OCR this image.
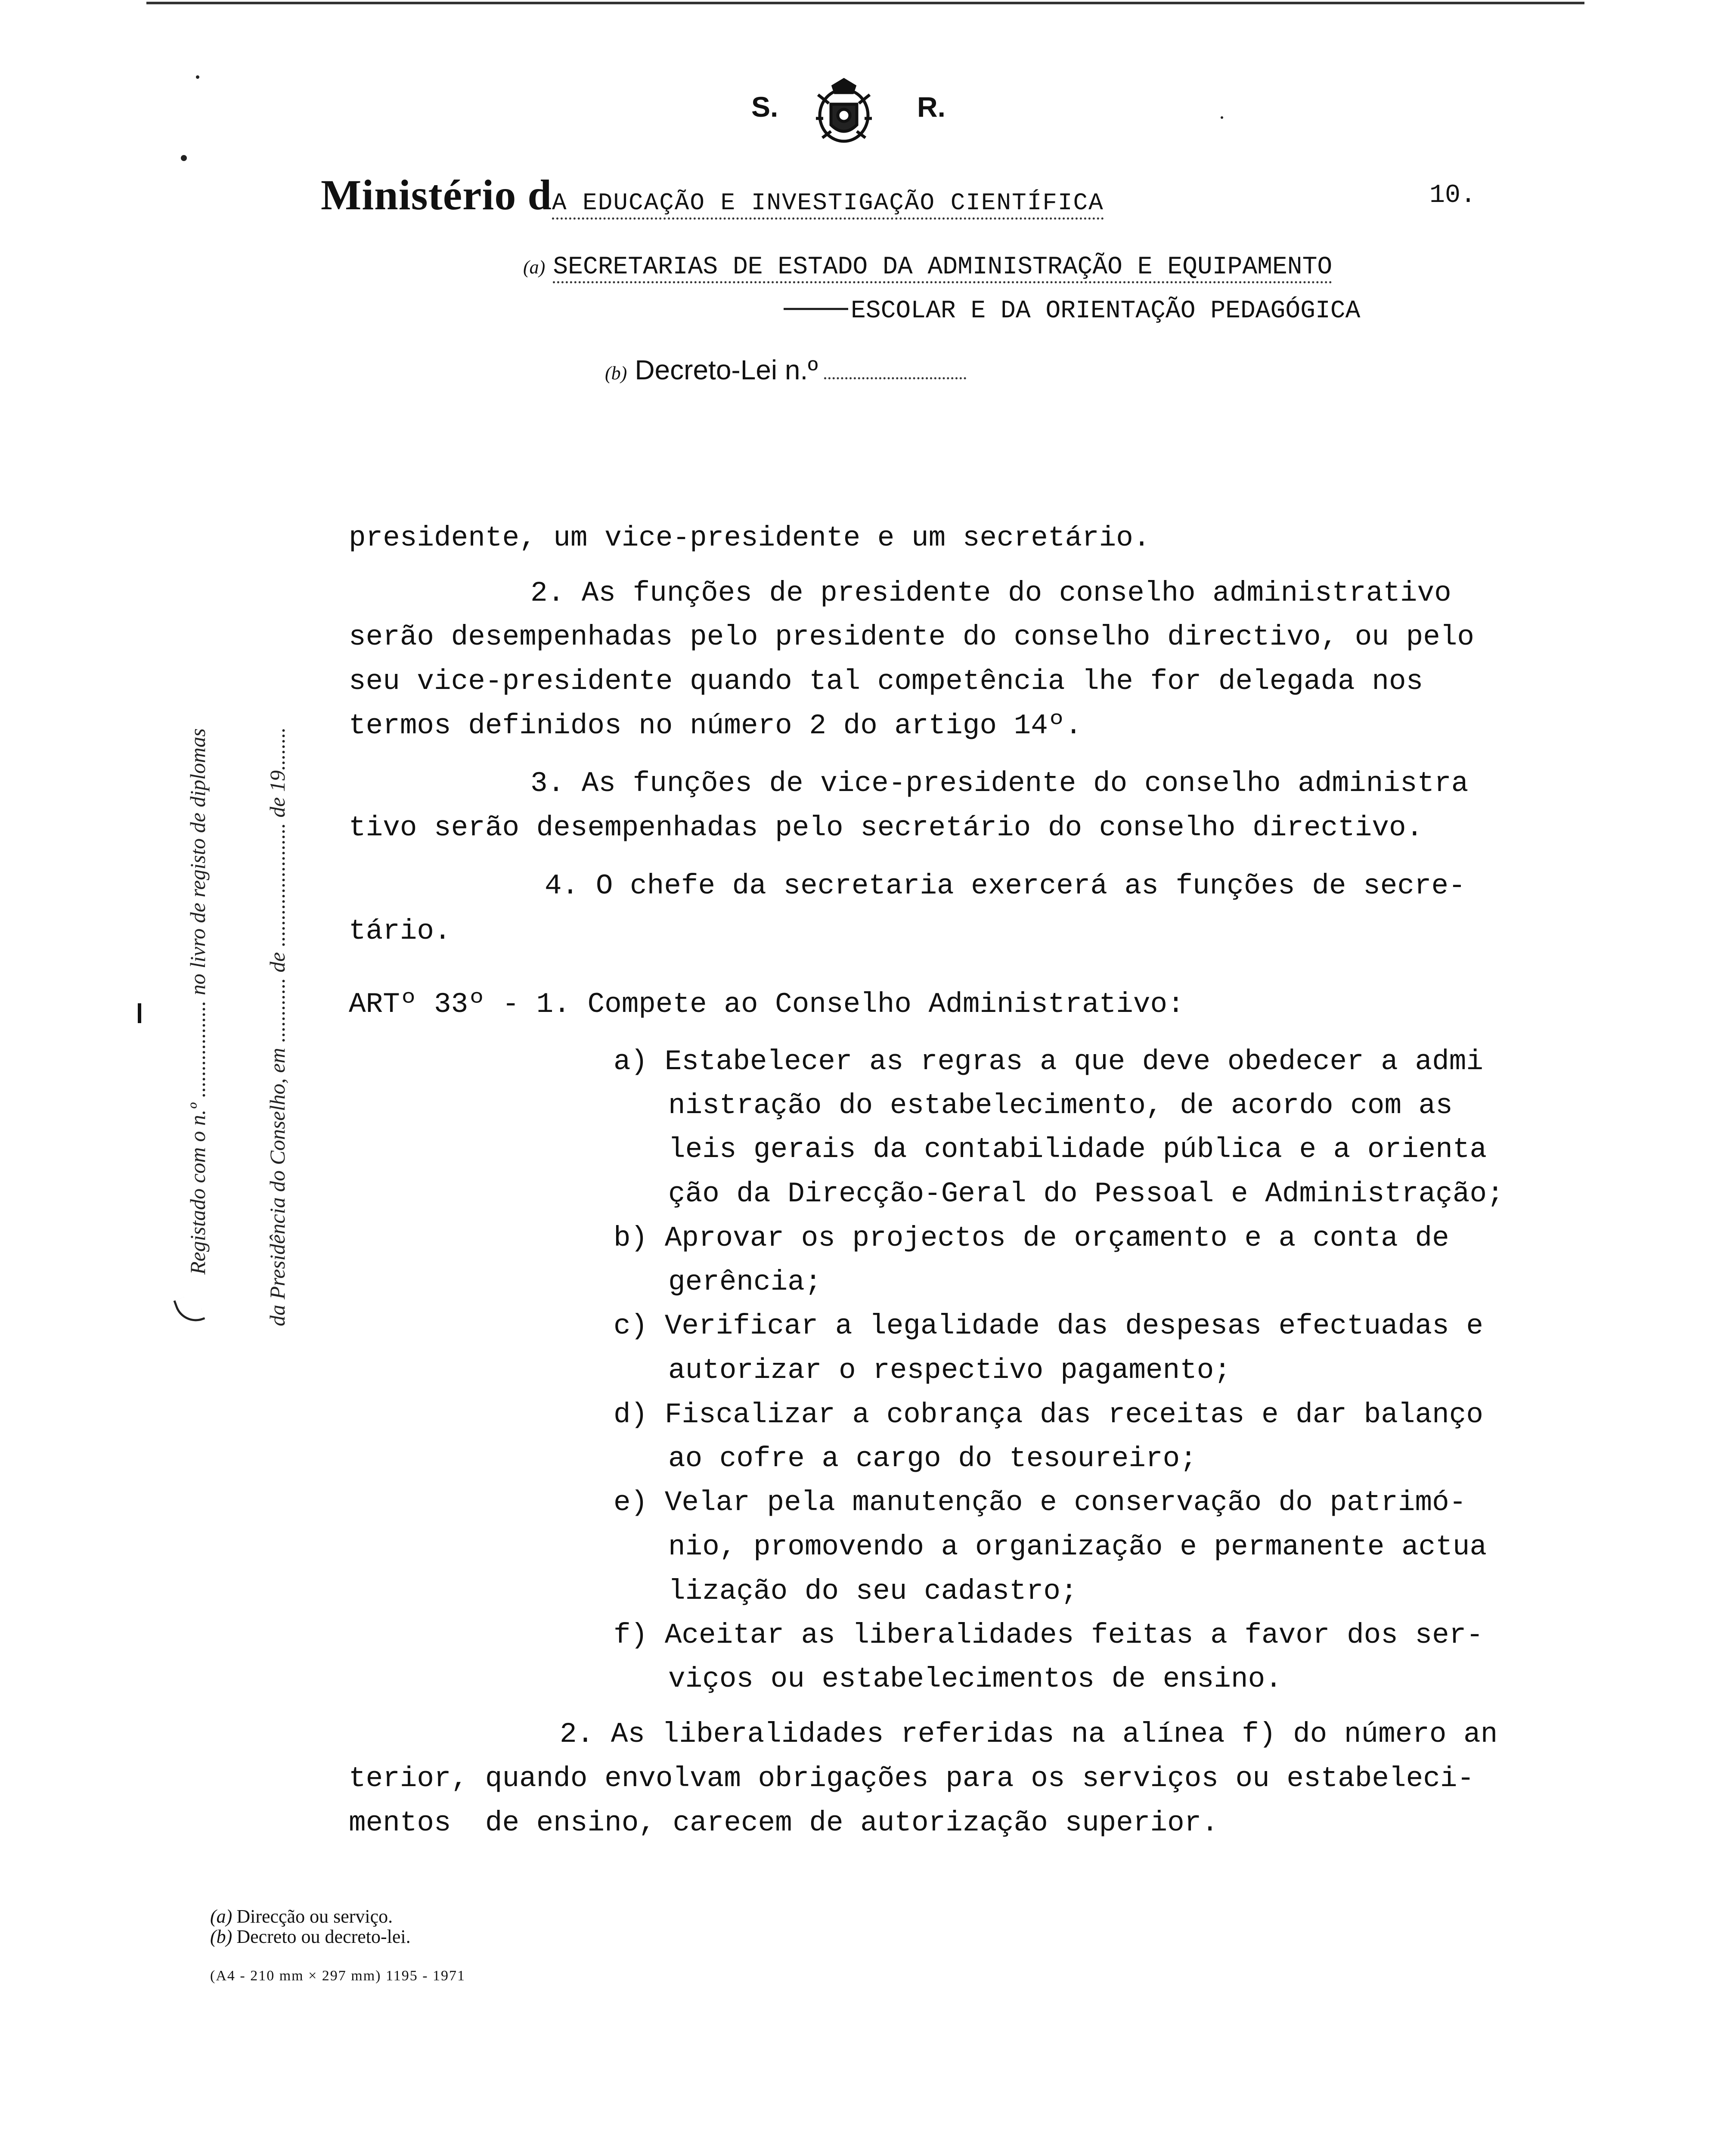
S.	R.
Ministério dA EDUCAÇÃO E INVESTIGAÇÃO CIENTÍFICA	10.
(a) SECRETARIAS DE ESTADO DA ADMINISTRAÇÃO E EQUIPAMENTO
ESCOLAR E DA ORIENTAÇÃO PEDAGÓGICA
(b) Decreto-Lei n.º
Registado com o n.º .................. no livro de registo de diplomas	da Presidência do Conselho, em ............ de ....................... de 19........
presidente, um vice-presidente e um secretário.
2. As funções de presidente do conselho administrativo
serão desempenhadas pelo presidente do conselho directivo, ou pelo
seu vice-presidente quando tal competência lhe for delegada nos
termos definidos no número 2 do artigo 14º.
3. As funções de vice-presidente do conselho administra
tivo serão desempenhadas pelo secretário do conselho directivo.
4. O chefe da secretaria exercerá as funções de secre-
tário.
ARTº 33º - 1. Compete ao Conselho Administrativo:
a) Estabelecer as regras a que deve obedecer a admi
nistração do estabelecimento, de acordo com as
leis gerais da contabilidade pública e a orienta
ção da Direcção-Geral do Pessoal e Administração;
b) Aprovar os projectos de orçamento e a conta de
gerência;
c) Verificar a legalidade das despesas efectuadas e
autorizar o respectivo pagamento;
d) Fiscalizar a cobrança das receitas e dar balanço
ao cofre a cargo do tesoureiro;
e) Velar pela manutenção e conservação do patrimó-
nio, promovendo a organização e permanente actua
lização do seu cadastro;
f) Aceitar as liberalidades feitas a favor dos ser-
viços ou estabelecimentos de ensino.
2. As liberalidades referidas na alínea f) do número an
terior, quando envolvam obrigações para os serviços ou estabeleci-
mentos  de ensino, carecem de autorização superior.
(a) Direcção ou serviço.
(b) Decreto ou decreto-lei.
(A4 - 210 mm × 297 mm) 1195 - 1971
